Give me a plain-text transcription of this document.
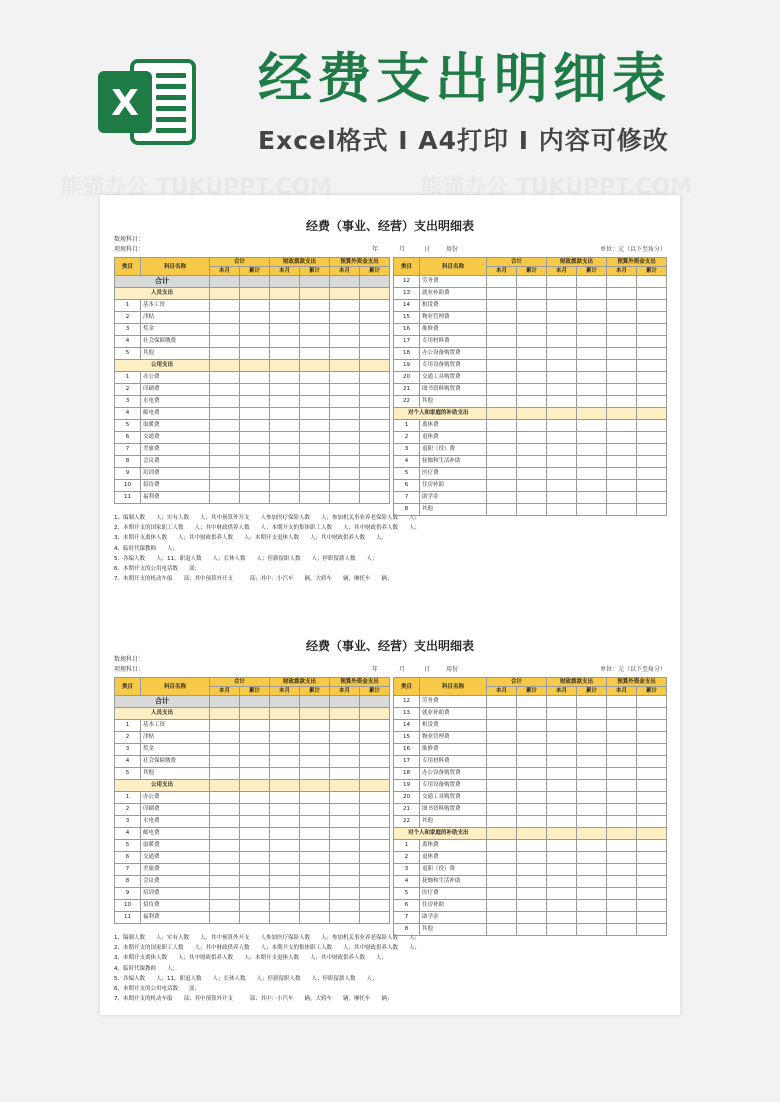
X 经费支出明细表
Excel格式 I A4打印 I 内容可修改
经费（事业、经营）支出明细表
数规科目：
项规科目：	年	月	日	用份	单位：元（以下至角分）
类目	科目名称	合计		财政拨款支出		预算外资金支出	
		本月	累计	本月	累计	本月	累计
合计							
人员支出							
1	基本工资						
2	津贴						
3	奖金						
4	社会保障缴费						
5	其他						
公用支出							
1	办公费						
2	印刷费						
3	水电费						
4	邮电费						
5	取暖费						
6	交通费						
7	差旅费						
8	会议费						
9	培训费						
10	招待费						
11	福利费						
类目	科目名称	合计		财政拨款支出		预算外资金支出	
		本月	累计	本月	累计	本月	累计
12	劳务费						
13	就业补助费						
14	租赁费						
15	物业管理费						
16	维修费						
17	专用材料费						
18	办公设备购置费						
19	专用设备购置费						
20	交通工具购置费						
21	图书资料购置费						
22	其他						
对个人和家庭的补助支出							
1	离休费						
2	退休费						
3	退职（役）费						
4	抚恤和生活补助						
5	医疗费						
6	住房补助						
7	助学金						
8	其他						
1、编制人数　　人；实有人数　　人；其中预算外开支　　人参加医疗保险人数　　人；参加机关事业养老保险人数　　人；
2、本期开支的国家职工人数　　人；其中财政供养人数　　人；本期开支的集体职工人数　　人；其中财政供养人数　　人；
3、本期开支离休人数　　人；其中财政供养人数　　人；本期开支退休人数　　人；其中财政供养人数　　人；
4、临时代课教师　　人；
5、各编人数　　人；11、职退人数　　人；长休人数　　人；停薪留职人数　　人；停职留薪人数　　人；
6、本期开支的公用电话数　　部；
7、本期开支的机动车船　　部；其中预算外开支　　　部；其中：小汽车　　辆，大轿车　　辆，摩托车　　辆；
经费（事业、经营）支出明细表
数规科目：
项规科目：	年	月	日	用份	单位：元（以下至角分）
类目	科目名称	合计		财政拨款支出		预算外资金支出	
		本月	累计	本月	累计	本月	累计
合计							
人员支出							
1	基本工资						
2	津贴						
3	奖金						
4	社会保障缴费						
5	其他						
公用支出							
1	办公费						
2	印刷费						
3	水电费						
4	邮电费						
5	取暖费						
6	交通费						
7	差旅费						
8	会议费						
9	培训费						
10	招待费						
11	福利费						
类目	科目名称	合计		财政拨款支出		预算外资金支出	
		本月	累计	本月	累计	本月	累计
12	劳务费						
13	就业补助费						
14	租赁费						
15	物业管理费						
16	维修费						
17	专用材料费						
18	办公设备购置费						
19	专用设备购置费						
20	交通工具购置费						
21	图书资料购置费						
22	其他						
对个人和家庭的补助支出							
1	离休费						
2	退休费						
3	退职（役）费						
4	抚恤和生活补助						
5	医疗费						
6	住房补助						
7	助学金						
8	其他						
1、编制人数　　人；实有人数　　人；其中预算外开支　　人参加医疗保险人数　　人；参加机关事业养老保险人数　　人；
2、本期开支的国家职工人数　　人；其中财政供养人数　　人；本期开支的集体职工人数　　人；其中财政供养人数　　人；
3、本期开支离休人数　　人；其中财政供养人数　　人；本期开支退休人数　　人；其中财政供养人数　　人；
4、临时代课教师　　人；
5、各编人数　　人；11、职退人数　　人；长休人数　　人；停薪留职人数　　人；停职留薪人数　　人；
6、本期开支的公用电话数　　部；
7、本期开支的机动车船　　部；其中预算外开支　　　部；其中：小汽车　　辆，大轿车　　辆，摩托车　　辆；
